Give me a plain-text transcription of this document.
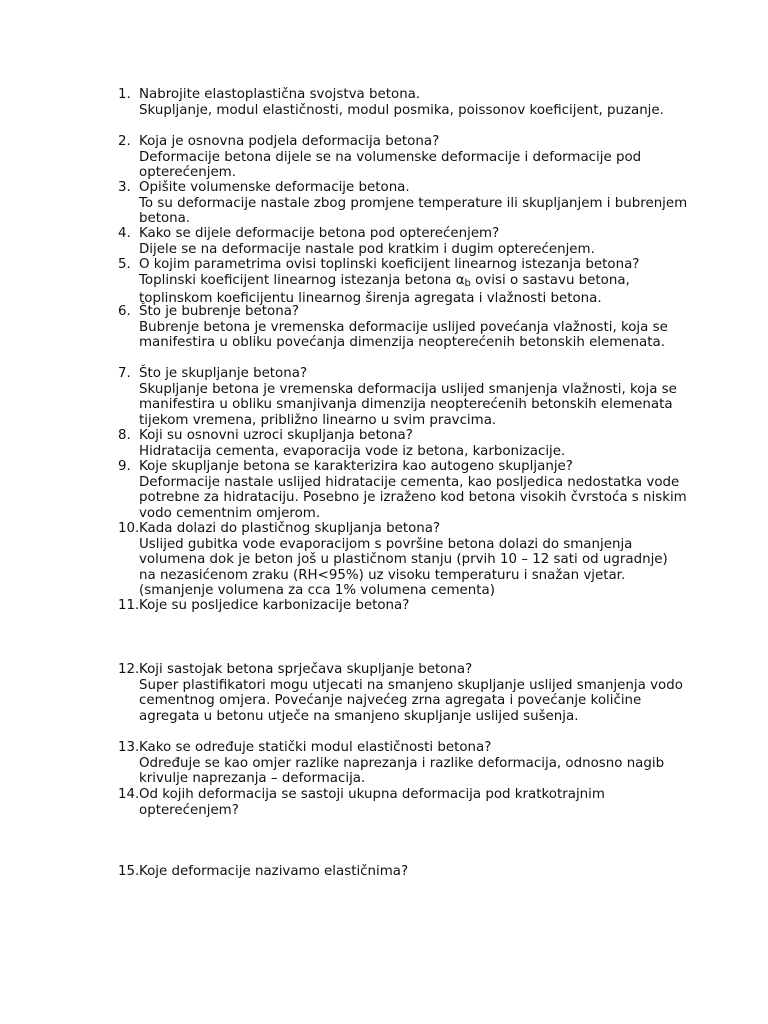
1. Nabrojite elastoplastična svojstva betona.
Skupljanje, modul elastičnosti, modul posmika, poissonov koeficijent, puzanje.
2. Koja je osnovna podjela deformacija betona?
Deformacije betona dijele se na volumenske deformacije i deformacije pod opterećenjem.
3. Opišite volumenske deformacije betona.
To su deformacije nastale zbog promjene temperature ili skupljanjem i bubrenjem betona.
4. Kako se dijele deformacije betona pod opterećenjem?
Dijele se na deformacije nastale pod kratkim i dugim opterećenjem.
5. O kojim parametrima ovisi toplinski koeficijent linearnog istezanja betona?
Toplinski koeficijent linearnog istezanja betona $\alpha_b$ ovisi o sastavu betona, toplinskom koeficijentu linearnog širenja agregata i vlažnosti betona.
6. Što je bubrenje betona?
Bubrenje betona je vremenska deformacije uslijed povećanja vlažnosti, koja se manifestira u obliku povećanja dimenzija neopterećenih betonskih elemenata.
7. Što je skupljanje betona?
Skupljanje betona je vremenska deformacija uslijed smanjenja vlažnosti, koja se manifestira u obliku smanjivanja dimenzija neopterećenih betonskih elemenata tijekom vremena, približno linearno u svim pravcima.
8. Koji su osnovni uzroci skupljanja betona?
Hidratacija cementa, evaporacija vode iz betona, karbonizacije.
9. Koje skupljanje betona se karakterizira kao autogeno skupljanje?
Deformacije nastale uslijed hidratacije cementa, kao posljedica nedostatka vode potrebne za hidrataciju. Posebno je izraženo kod betona visokih čvrstoća s niskim vodo cementnim omjerom.
10. Kada dolazi do plastičnog skupljanja betona?
Uslijed gubitka vode evaporacijom s površine betona dolazi do smanjenja volumena dok je beton još u plastičnom stanju (prvih 10 – 12 sati od ugradnje) na nezasićenom zraku (RH<95%) uz visoku temperaturu i snažan vjetar. (smanjenje volumena za cca 1% volumena cementa)
11. Koje su posljedice karbonizacije betona?
12. Koji sastojak betona sprječava skupljanje betona?
Super plastifikatori mogu utjecati na smanjeno skupljanje uslijed smanjenja vodo cementnog omjera. Povećanje najvećeg zrna agregata i povećanje količine agregata u betonu utječe na smanjeno skupljanje uslijed sušenja.
13. Kako se određuje statički modul elastičnosti betona?
Određuje se kao omjer razlike naprezanja i razlike deformacija, odnosno nagib krivulje naprezanja – deformacija.
14. Od kojih deformacija se sastoji ukupna deformacija pod kratkotrajnim opterećenjem?
15. Koje deformacije nazivamo elastičnima?
